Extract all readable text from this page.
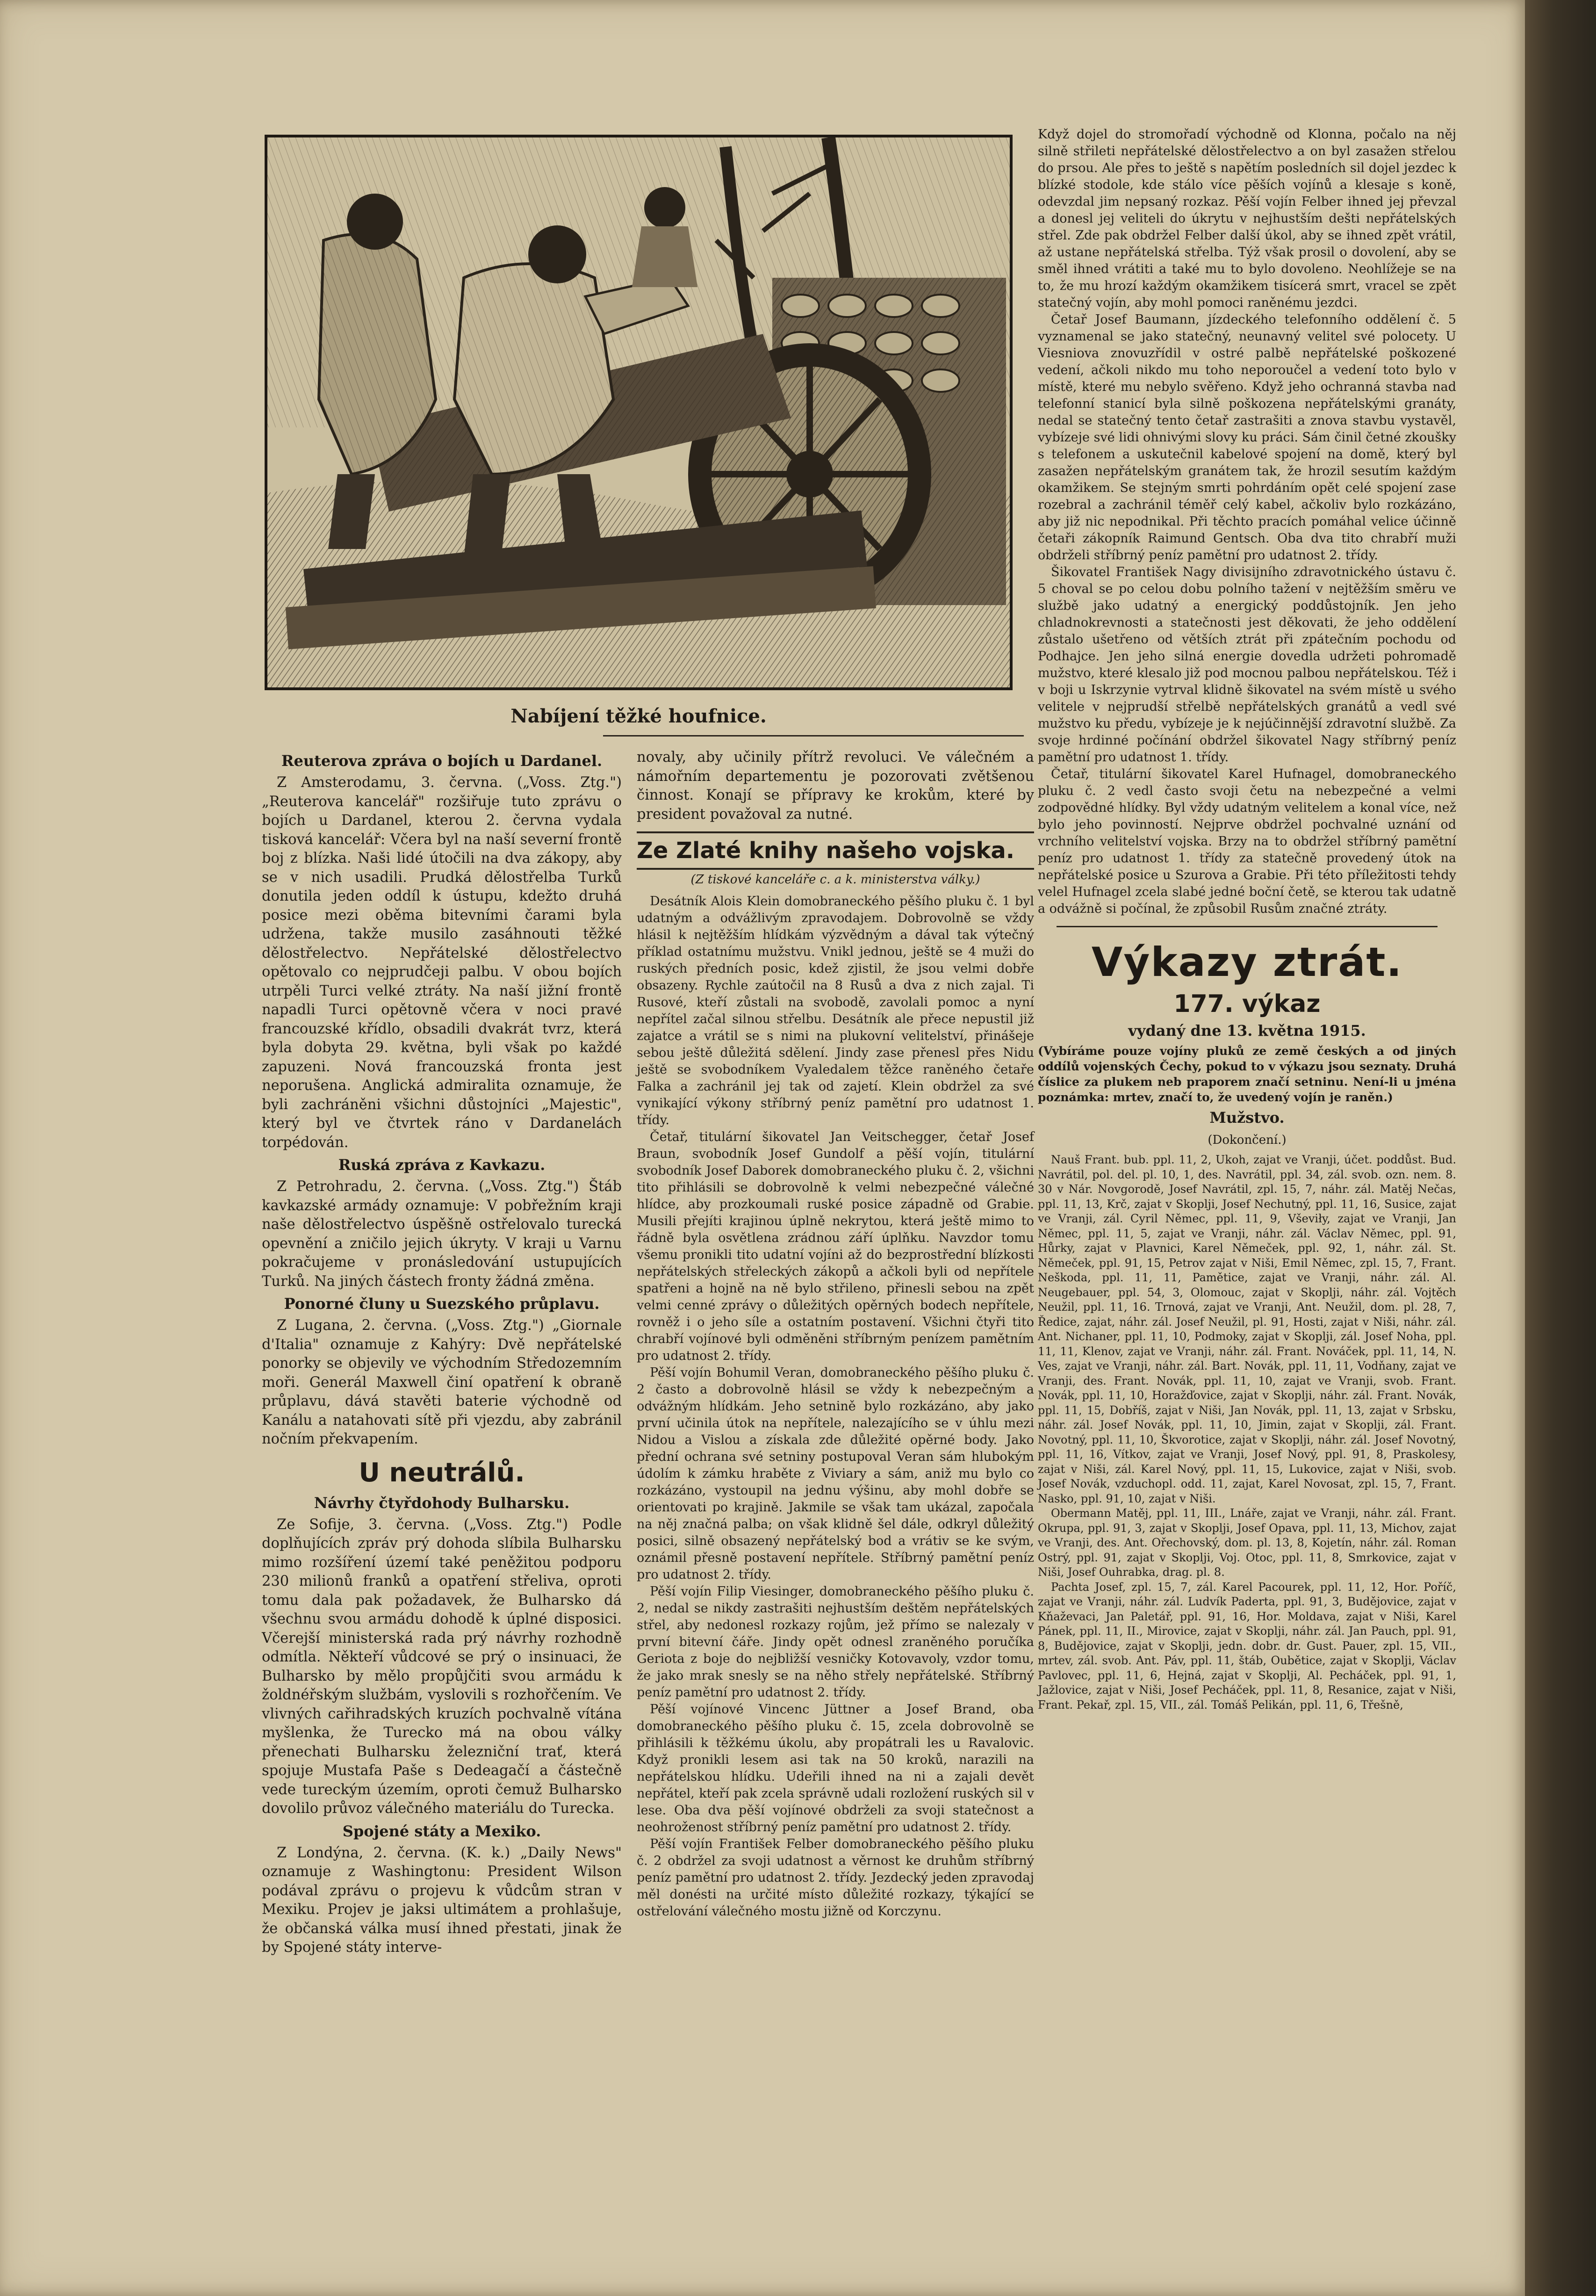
Nabíjení těžké houfnice.
Reuterova zpráva o bojích u Dardanel.

Z Amsterodamu, 3. června. („Voss. Ztg.") „Reuterova kancelář" rozšiřuje tuto zprávu o bojích u Dardanel, kterou 2. června vydala tisková kancelář: Včera byl na naší severní frontě boj z blízka. Naši lidé útočili na dva zákopy, aby se v nich usadili. Prudká dělostřelba Turků donutila jeden oddíl k ústupu, kdežto druhá posice mezi oběma bitevními čarami byla udržena, takže musilo zasáhnouti těžké dělostřelectvo. Nepřátelské dělostřelectvo opětovalo co nejprudčeji palbu. V obou bojích utrpěli Turci velké ztráty. Na naší jižní frontě napadli Turci opětovně včera v noci pravé francouzské křídlo, obsadili dvakrát tvrz, která byla dobyta 29. května, byli však po každé zapuzeni. Nová francouzská fronta jest neporušena. Anglická admiralita oznamuje, že byli zachráněni všichni důstojníci „Majestic", který byl ve čtvrtek ráno v Dardanelách torpédován.

Ruská zpráva z Kavkazu.

Z Petrohradu, 2. června. („Voss. Ztg.") Štáb kavkazské armády oznamuje: V pobřežním kraji naše dělostřelectvo úspěšně ostřelovalo turecká opevnění a zničilo jejich úkryty. V kraji u Varnu pokračujeme v pronásledování ustupujících Turků. Na jiných částech fronty žádná změna.

Ponorné čluny u Suezského průplavu.

Z Lugana, 2. června. („Voss. Ztg.") „Giornale d'Italia" oznamuje z Kahýry: Dvě nepřátelské ponorky se objevily ve východním Středozemním moři. Generál Maxwell činí opatření k obraně průplavu, dává stavěti baterie východně od Kanálu a natahovati sítě při vjezdu, aby zabránil nočním překvapením.

U neutrálů.
Návrhy čtyřdohody Bulharsku.

Ze Sofije, 3. června. („Voss. Ztg.") Podle doplňujících zpráv prý dohoda slíbila Bulharsku mimo rozšíření území také peněžitou podporu 230 milionů franků a opatření střeliva, oproti tomu dala pak požadavek, že Bulharsko dá všechnu svou armádu dohodě k úplné disposici. Včerejší ministerská rada prý návrhy rozhodně odmítla. Někteří vůdcové se prý o insinuaci, že Bulharsko by mělo propůjčiti svou armádu k žoldnéřským službám, vyslovili s rozhořčením. Ve vlivných cařihradských kruzích pochvalně vítána myšlenka, že Turecko má na obou války přenechati Bulharsku železniční trať, která spojuje Mustafa Paše s Dedeagačí a částečně vede tureckým územím, oproti čemuž Bulharsko dovolilo průvoz válečného materiálu do Turecka.

Spojené státy a Mexiko.

Z Londýna, 2. června. (K. k.) „Daily News" oznamuje z Washingtonu: President Wilson podával zprávu o projevu k vůdcům stran v Mexiku. Projev je jaksi ultimátem a prohlašuje, že občanská válka musí ihned přestati, jinak že by Spojené státy interve-

novaly, aby učinily přítrž revoluci. Ve válečném a námořním departementu je pozorovati zvětšenou činnost. Konají se přípravy ke krokům, které by president považoval za nutné.

Ze Zlaté knihy našeho vojska.
(Z tiskové kanceláře c. a k. ministerstva války.)

Desátník Alois Klein domobraneckého pěšího pluku č. 1 byl udatným a odvážlivým zpravodajem. Dobrovolně se vždy hlásil k nejtěžším hlídkám výzvědným a dával tak výtečný příklad ostatnímu mužstvu. Vnikl jednou, ještě se 4 muži do ruských předních posic, kdež zjistil, že jsou velmi dobře obsazeny. Rychle zaútočil na 8 Rusů a dva z nich zajal. Ti Rusové, kteří zůstali na svobodě, zavolali pomoc a nyní nepřítel začal silnou střelbu. Desátník ale přece nepustil již zajatce a vrátil se s nimi na plukovní velitelství, přinášeje sebou ještě důležitá sdělení. Jindy zase přenesl přes Nidu ještě se svobodníkem Vyaledalem těžce raněného četaře Falka a zachránil jej tak od zajetí. Klein obdržel za své vynikající výkony stříbrný peníz pamětní pro udatnost 1. třídy.

Četař, titulární šikovatel Jan Veitschegger, četař Josef Braun, svobodník Josef Gundolf a pěší vojín, titulární svobodník Josef Daborek domobraneckého pluku č. 2, všichni tito přihlásili se dobrovolně k velmi nebezpečné válečné hlídce, aby prozkoumali ruské posice západně od Grabie. Musili přejíti krajinou úplně nekrytou, která ještě mimo to řádně byla osvětlena zrádnou září úplňku. Navzdor tomu všemu pronikli tito udatní vojíni až do bezprostřední blízkosti nepřátelských střeleckých zákopů a ačkoli byli od nepřítele spatřeni a hojně na ně bylo střileno, přinesli sebou na zpět velmi cenné zprávy o důležitých opěrných bodech nepřítele, rovněž i o jeho síle a ostatním postavení. Všichni čtyři tito chrabří vojínové byli odměněni stříbrným penízem pamětním pro udatnost 2. třídy.

Pěší vojín Bohumil Veran, domobraneckého pěšího pluku č. 2 často a dobrovolně hlásil se vždy k nebezpečným a odvážným hlídkám. Jeho setnině bylo rozkázáno, aby jako první učinila útok na nepřítele, nalezajícího se v úhlu mezi Nidou a Vislou a získala zde důležité opěrné body. Jako přední ochrana své setniny postupoval Veran sám hlubokým údolím k zámku hraběte z Viviary a sám, aniž mu bylo co rozkázáno, vystoupil na jednu výšinu, aby mohl dobře se orientovati po krajině. Jakmile se však tam ukázal, započala na něj značná palba; on však klidně šel dále, odkryl důležitý posici, silně obsazený nepřátelský bod a vrátiv se ke svým, oznámil přesně postavení nepřítele. Stříbrný pamětní peníz pro udatnost 2. třídy.

Pěší vojín Filip Viesinger, domobraneckého pěšího pluku č. 2, nedal se nikdy zastrašiti nejhustším deštěm nepřátelských střel, aby nedonesl rozkazy rojům, jež přímo se nalezaly v první bitevní čáře. Jindy opět odnesl zraněného poručíka Geriota z boje do nejbližší vesničky Kotovavoly, vzdor tomu, že jako mrak snesly se na něho střely nepřátelské. Stříbrný peníz pamětní pro udatnost 2. třídy.

Pěší vojínové Vincenc Jüttner a Josef Brand, oba domobraneckého pěšího pluku č. 15, zcela dobrovolně se přihlásili k těžkému úkolu, aby propátrali les u Ravalovic. Když pronikli lesem asi tak na 50 kroků, narazili na nepřátelskou hlídku. Udeřili ihned na ni a zajali devět nepřátel, kteří pak zcela správně udali rozložení ruských sil v lese. Oba dva pěší vojínové obdrželi za svoji statečnost a neohroženost stříbrný peníz pamětní pro udatnost 2. třídy.

Pěší vojín František Felber domobraneckého pěšího pluku č. 2 obdržel za svoji udatnost a věrnost ke druhům stříbrný peníz pamětní pro udatnost 2. třídy. Jezdecký jeden zpravodaj měl donésti na určité místo důležité rozkazy, týkající se ostřelování válečného mostu jižně od Korczynu.

Když dojel do stromořadí východně od Klonna, počalo na něj silně střileti nepřátelské dělostřelectvo a on byl zasažen střelou do prsou. Ale přes to ještě s napětím posledních sil dojel jezdec k blízké stodole, kde stálo více pěších vojínů a klesaje s koně, odevzdal jim nepsaný rozkaz. Pěší vojín Felber ihned jej převzal a donesl jej veliteli do úkrytu v nejhustším dešti nepřátelských střel. Zde pak obdržel Felber další úkol, aby se ihned zpět vrátil, až ustane nepřátelská střelba. Týž však prosil o dovolení, aby se směl ihned vrátiti a také mu to bylo dovoleno. Neohlížeje se na to, že mu hrozí každým okamžikem tisícerá smrt, vracel se zpět statečný vojín, aby mohl pomoci raněnému jezdci.

Četař Josef Baumann, jízdeckého telefonního oddělení č. 5 vyznamenal se jako statečný, neunavný velitel své polocety. U Viesniova znovuzřídil v ostré palbě nepřátelské poškozené vedení, ačkoli nikdo mu toho neporoučel a vedení toto bylo v místě, které mu nebylo svěřeno. Když jeho ochranná stavba nad telefonní stanicí byla silně poškozena nepřátelskými granáty, nedal se statečný tento četař zastrašiti a znova stavbu vystavěl, vybízeje své lidi ohnivými slovy ku práci. Sám činil četné zkoušky s telefonem a uskutečnil kabelové spojení na domě, který byl zasažen nepřátelským granátem tak, že hrozil sesutím každým okamžikem. Se stejným smrti pohrdáním opět celé spojení zase rozebral a zachránil téměř celý kabel, ačkoliv bylo rozkázáno, aby již nic nepodnikal. Při těchto pracích pomáhal velice účinně četaři zákopník Raimund Gentsch. Oba dva tito chrabří muži obdrželi stříbrný peníz pamětní pro udatnost 2. třídy.

Šikovatel František Nagy divisijního zdravotnického ústavu č. 5 choval se po celou dobu polního tažení v nejtěžším směru ve službě jako udatný a energický poddůstojník. Jen jeho chladnokrevnosti a statečnosti jest děkovati, že jeho oddělení zůstalo ušetřeno od větších ztrát při zpátečním pochodu od Podhajce. Jen jeho silná energie dovedla udržeti pohromadě mužstvo, které klesalo již pod mocnou palbou nepřátelskou. Též i v boji u Iskrzynie vytrval klidně šikovatel na svém místě u svého velitele v nejprudší střelbě nepřátelských granátů a vedl své mužstvo ku předu, vybízeje je k nejúčinnější zdravotní službě. Za svoje hrdinné počínání obdržel šikovatel Nagy stříbrný peníz pamětní pro udatnost 1. třídy.

Četař, titulární šikovatel Karel Hufnagel, domobraneckého pluku č. 2 vedl často svoji četu na nebezpečné a velmi zodpovědné hlídky. Byl vždy udatným velitelem a konal více, než bylo jeho povinností. Nejprve obdržel pochvalné uznání od vrchního velitelství vojska. Brzy na to obdržel stříbrný pamětní peníz pro udatnost 1. třídy za statečně provedený útok na nepřátelské posice u Szurova a Grabie. Při této příležitosti tehdy velel Hufnagel zcela slabé jedné boční četě, se kterou tak udatně a odvážně si počínal, že způsobil Rusům značné ztráty.

Výkazy ztrát.
177. výkaz
vydaný dne 13. května 1915.

(Vybíráme pouze vojíny pluků ze země českých a od jiných oddílů vojenských Čechy, pokud to v výkazu jsou seznaty. Druhá číslice za plukem neb praporem značí setninu. Není-li u jména poznámka: mrtev, značí to, že uvedený vojín je raněn.)

Mužstvo.
(Dokončení.)

Nauš Frant. bub. ppl. 11, 2, Ukoh, zajat ve Vranji, účet. poddůst. Bud. Navrátil, pol. del. pl. 10, 1, des. Navrátil, ppl. 34, zál. svob. ozn. nem. 8. 30 v Nár. Novgorodě, Josef Navrátil, zpl. 15, 7, náhr. zál. Matěj Nečas, ppl. 11, 13, Krč, zajat v Skoplji, Josef Nechutný, ppl. 11, 16, Susice, zajat ve Vranji, zál. Cyril Němec, ppl. 11, 9, Vševiły, zajat ve Vranji, Jan Němec, ppl. 11, 5, zajat ve Vranji, náhr. zál. Václav Němec, ppl. 91, Hůrky, zajat v Plavnici, Karel Němeček, ppl. 92, 1, náhr. zál. St. Němeček, ppl. 91, 15, Petrov zajat v Niši, Emil Němec, zpl. 15, 7, Frant. Neškoda, ppl. 11, 11, Pamětice, zajat ve Vranji, náhr. zál. Al. Neugebauer, ppl. 54, 3, Olomouc, zajat v Skoplji, náhr. zál. Vojtěch Neužil, ppl. 11, 16. Trnová, zajat ve Vranji, Ant. Neužil, dom. pl. 28, 7, Ředice, zajat, náhr. zál. Josef Neužil, pl. 91, Hosti, zajat v Niši, náhr. zál. Ant. Nichaner, ppl. 11, 10, Podmoky, zajat v Skoplji, zál. Josef Noha, ppl. 11, 11, Klenov, zajat ve Vranji, náhr. zál. Frant. Nováček, ppl. 11, 14, N. Ves, zajat ve Vranji, náhr. zál. Bart. Novák, ppl. 11, 11, Vodňany, zajat ve Vranji, des. Frant. Novák, ppl. 11, 10, zajat ve Vranji, svob. Frant. Novák, ppl. 11, 10, Horažďovice, zajat v Skoplji, náhr. zál. Frant. Novák, ppl. 11, 15, Dobříš, zajat v Niši, Jan Novák, ppl. 11, 13, zajat v Srbsku, náhr. zál. Josef Novák, ppl. 11, 10, Jimin, zajat v Skoplji, zál. Frant. Novotný, ppl. 11, 10, Škvorotice, zajat v Skoplji, náhr. zál. Josef Novotný, ppl. 11, 16, Vítkov, zajat ve Vranji, Josef Nový, ppl. 91, 8, Praskolesy, zajat v Niši, zál. Karel Nový, ppl. 11, 15, Lukovice, zajat v Niši, svob. Josef Novák, vzduchopl. odd. 11, zajat, Karel Novosat, zpl. 15, 7, Frant. Nasko, ppl. 91, 10, zajat v Niši.

Obermann Matěj, ppl. 11, III., Lnáře, zajat ve Vranji, náhr. zál. Frant. Okrupa, ppl. 91, 3, zajat v Skoplji, Josef Opava, ppl. 11, 13, Michov, zajat ve Vranji, des. Ant. Ořechovský, dom. pl. 13, 8, Kojetín, náhr. zál. Roman Ostrý, ppl. 91, zajat v Skoplji, Voj. Otoc, ppl. 11, 8, Smrkovice, zajat v Niši, Josef Ouhrabka, drag. pl. 8.

Pachta Josef, zpl. 15, 7, zál. Karel Pacourek, ppl. 11, 12, Hor. Poříč, zajat ve Vranji, náhr. zál. Ludvík Paderta, ppl. 91, 3, Budějovice, zajat v Kňaževaci, Jan Paletář, ppl. 91, 16, Hor. Moldava, zajat v Niši, Karel Pánek, ppl. 11, II., Mirovice, zajat v Skoplji, náhr. zál. Jan Pauch, ppl. 91, 8, Budějovice, zajat v Skoplji, jedn. dobr. dr. Gust. Pauer, zpl. 15, VII., mrtev, zál. svob. Ant. Páv, ppl. 11, štáb, Oubětice, zajat v Skoplji, Václav Pavlovec, ppl. 11, 6, Hejná, zajat v Skoplji, Al. Pecháček, ppl. 91, 1, Jažlovice, zajat v Niši, Josef Pecháček, ppl. 11, 8, Resanice, zajat v Niši, Frant. Pekař, zpl. 15, VII., zál. Tomáš Pelikán, ppl. 11, 6, Třešně,
